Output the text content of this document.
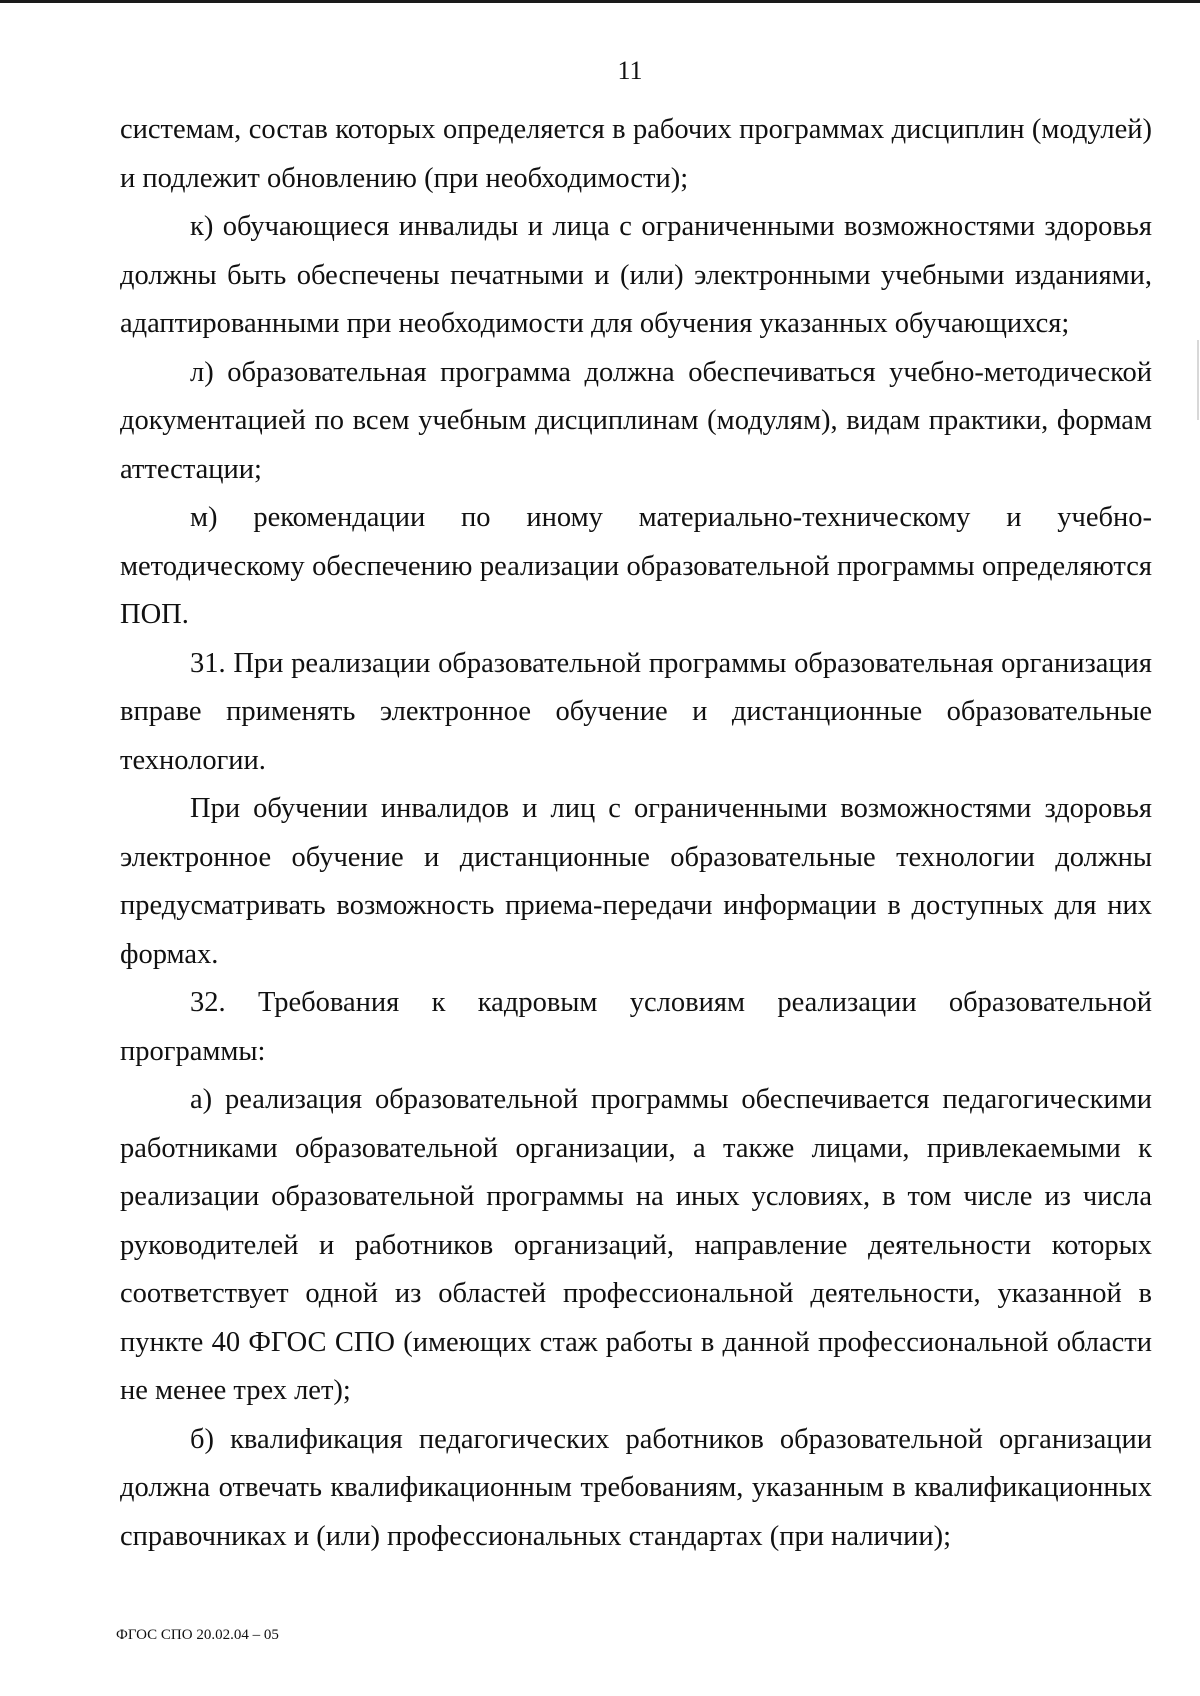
11

системам, состав которых определяется в рабочих программах дисциплин (модулей) и подлежит обновлению (при необходимости);

к) обучающиеся инвалиды и лица с ограниченными возможностями здоровья должны быть обеспечены печатными и (или) электронными учебными изданиями, адаптированными при необходимости для обучения указанных обучающихся;

л) образовательная программа должна обеспечиваться учебно-методической документацией по всем учебным дисциплинам (модулям), видам практики, формам аттестации;

м) рекомендации по иному материально-техническому и учебно-методическому обеспечению реализации образовательной программы определяются ПОП.

31. При реализации образовательной программы образовательная организация вправе применять электронное обучение и дистанционные образовательные технологии.

При обучении инвалидов и лиц с ограниченными возможностями здоровья электронное обучение и дистанционные образовательные технологии должны предусматривать возможность приема-передачи информации в доступных для них формах.

32. Требования к кадровым условиям реализации образовательной программы:

а) реализация образовательной программы обеспечивается педагогическими работниками образовательной организации, а также лицами, привлекаемыми к реализации образовательной программы на иных условиях, в том числе из числа руководителей и работников организаций, направление деятельности которых соответствует одной из областей профессиональной деятельности, указанной в пункте 40 ФГОС СПО (имеющих стаж работы в данной профессиональной области не менее трех лет);

б) квалификация педагогических работников образовательной организации должна отвечать квалификационным требованиям, указанным в квалификационных справочниках и (или) профессиональных стандартах (при наличии);

ФГОС СПО 20.02.04 – 05
